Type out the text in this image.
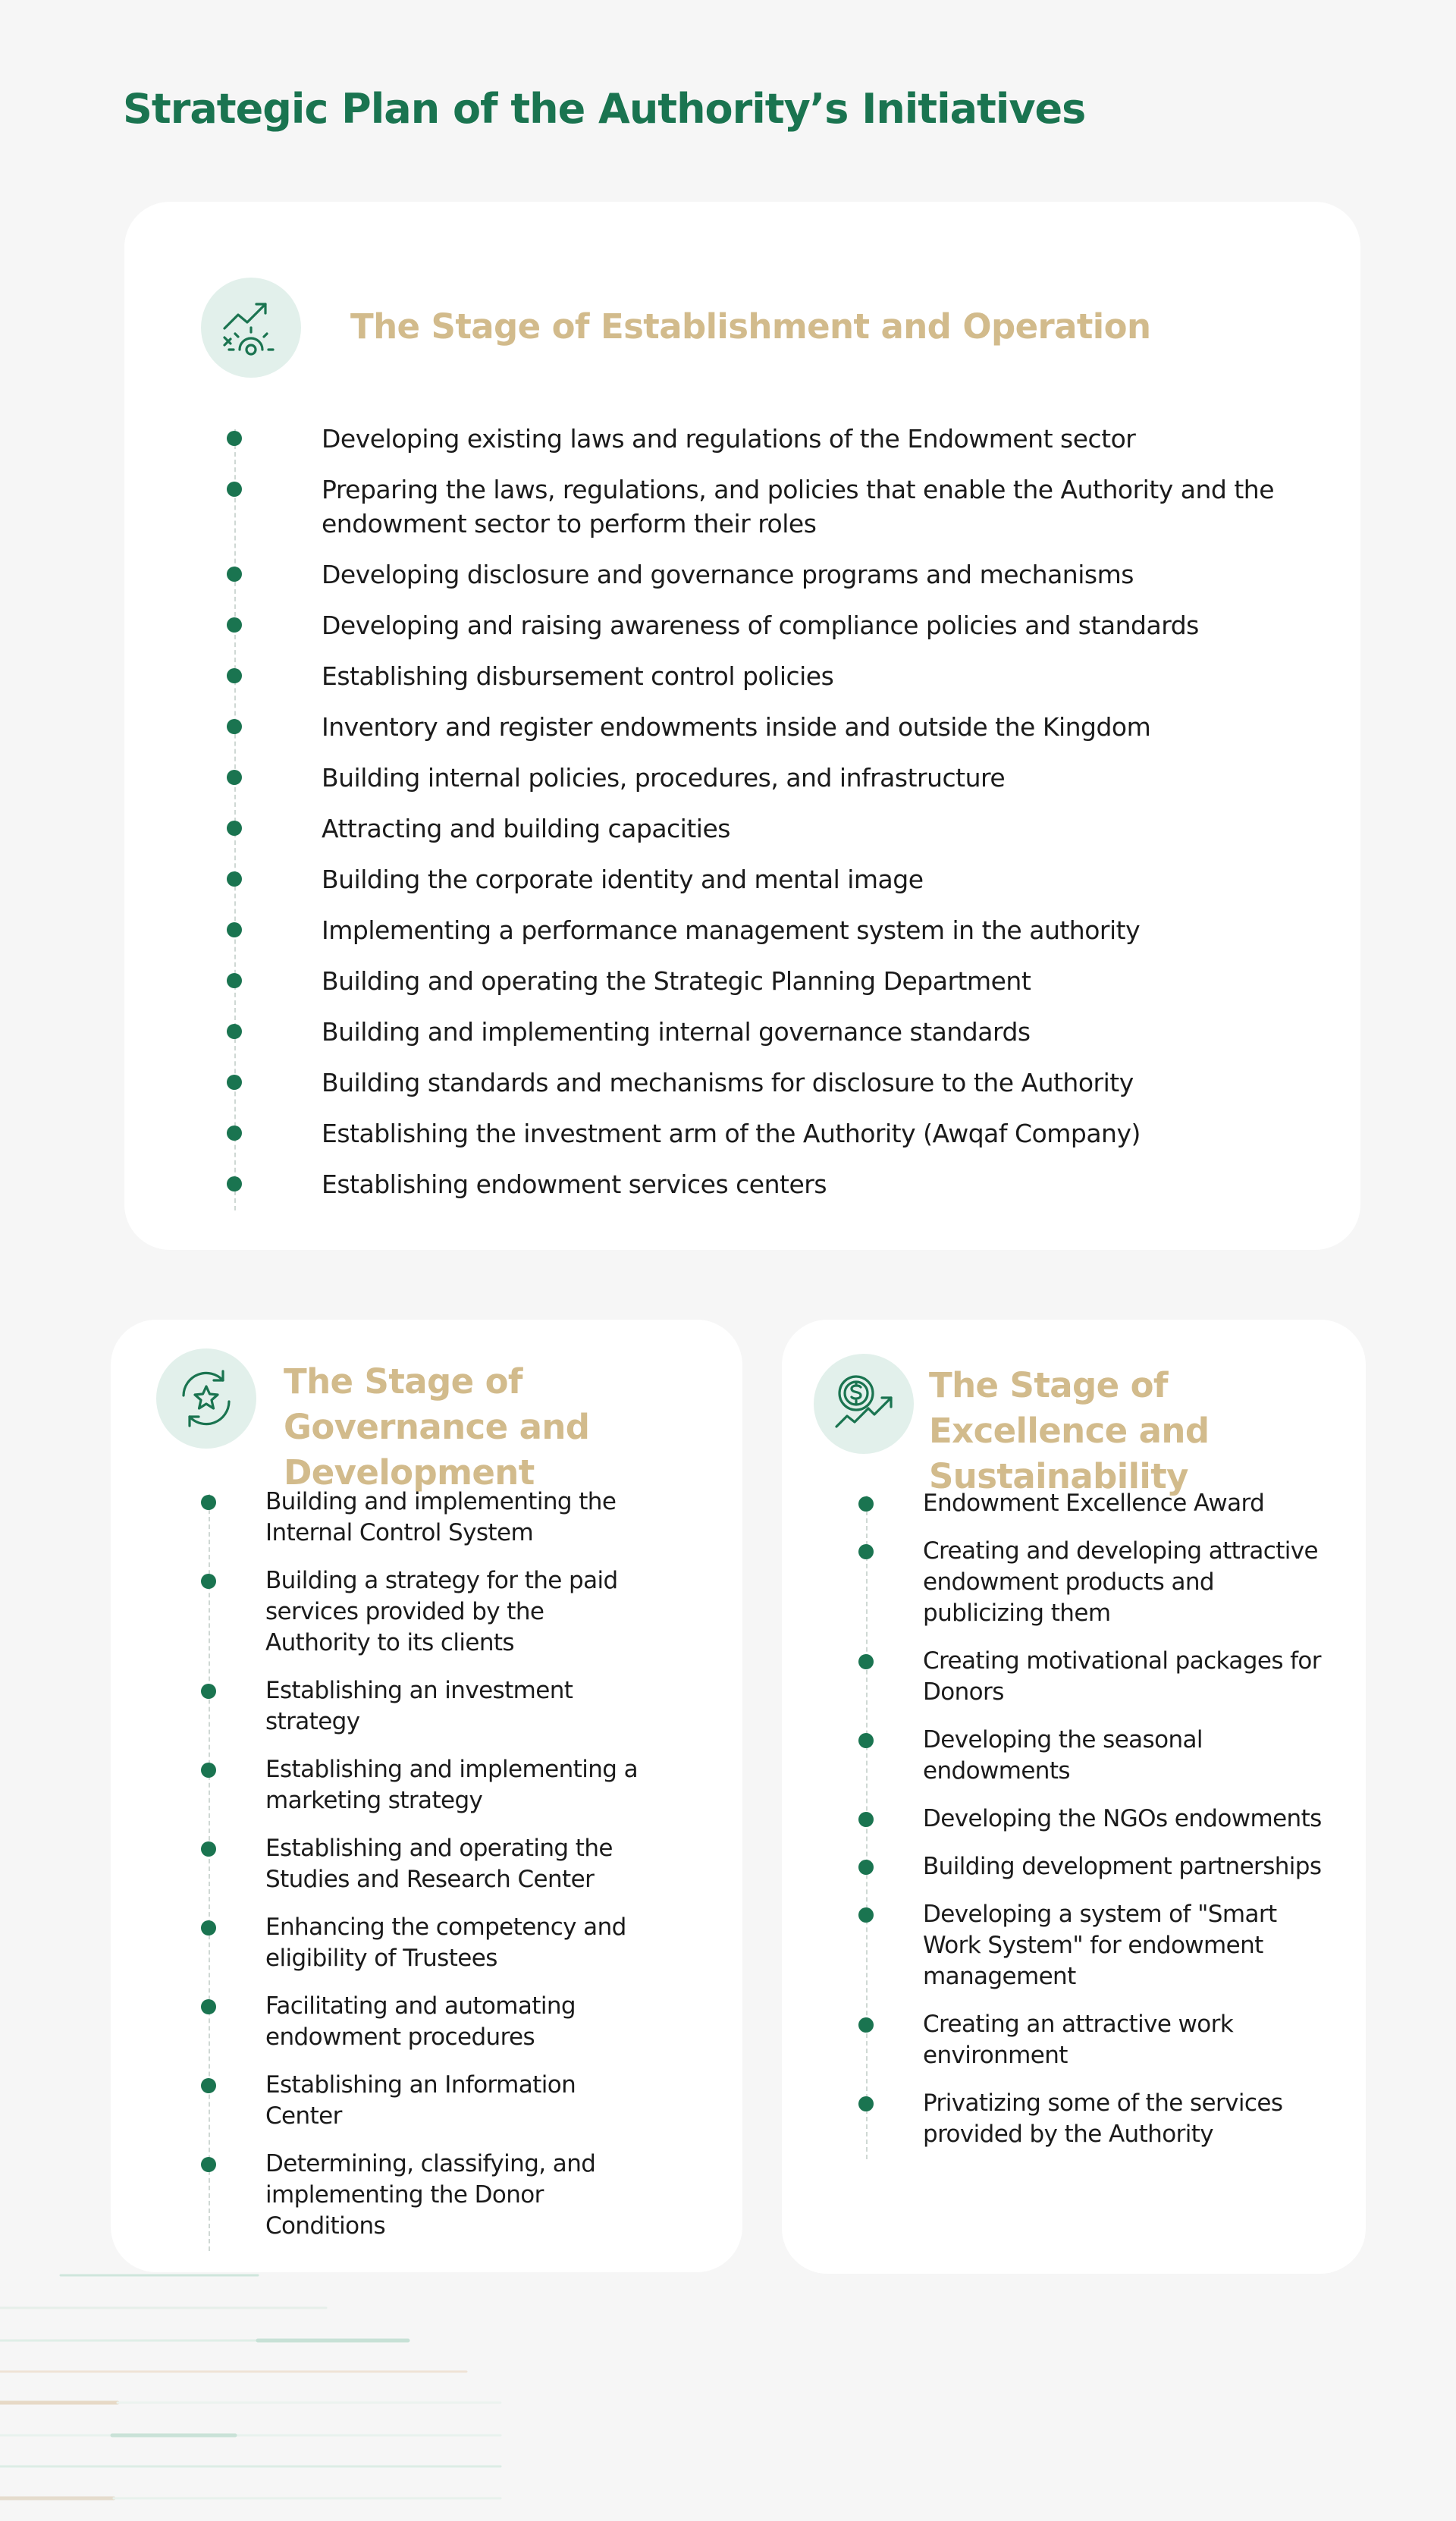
Strategic Plan of the Authority’s Initiatives
The Stage of Establishment and Operation
Developing existing laws and regulations of the Endowment sector
Preparing the laws, regulations, and policies that enable the Authority and the endowment sector to perform their roles
Developing disclosure and governance programs and mechanisms
Developing and raising awareness of compliance policies and standards
Establishing disbursement control policies
Inventory and register endowments inside and outside the Kingdom
Building internal policies, procedures, and infrastructure
Attracting and building capacities
Building the corporate identity and mental image
Implementing a performance management system in the authority
Building and operating the Strategic Planning Department
Building and implementing internal governance standards
Building standards and mechanisms for disclosure to the Authority
Establishing the investment arm of the Authority (Awqaf Company)
Establishing endowment services centers
The Stage of Governance and Development
Building and implementing the Internal Control System
Building a strategy for the paid services provided by the Authority to its clients
Establishing an investment strategy
Establishing and implementing a marketing strategy
Establishing and operating the Studies and Research Center
Enhancing the competency and eligibility of Trustees
Facilitating and automating endowment procedures
Establishing an Information Center
Determining, classifying, and implementing the Donor Conditions
The Stage of Excellence and Sustainability
Endowment Excellence Award
Creating and developing attractive endowment products and publicizing them
Creating motivational packages for Donors
Developing the seasonal endowments
Developing the NGOs endowments
Building development partnerships
Developing a system of "Smart Work System" for endowment management
Creating an attractive work environment
Privatizing some of the services provided by the Authority
